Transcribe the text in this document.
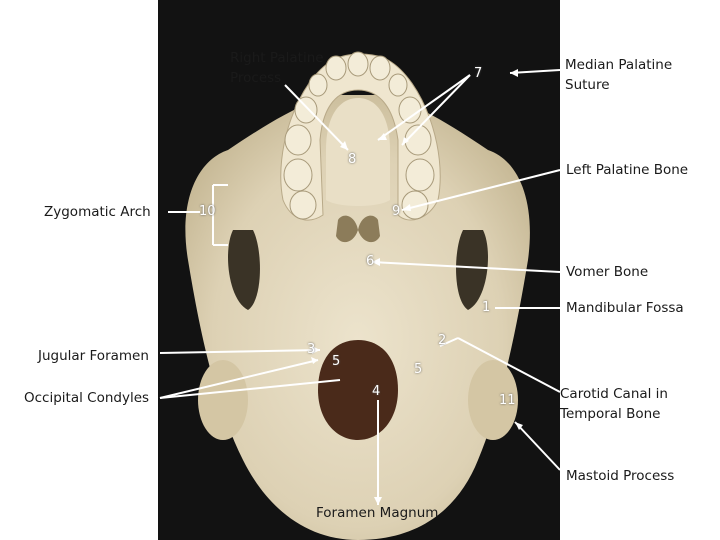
Right Palatine Process
Median Palatine Suture
Left Palatine Bone
Zygomatic Arch
Vomer Bone
Mandibular Fossa
Jugular Foramen
Occipital Condyles	Carotid Canal in Temporal Bone
Mastoid Process
Foramen Magnum
7
8
9
10
6
1
2
3
5
5
4
11
